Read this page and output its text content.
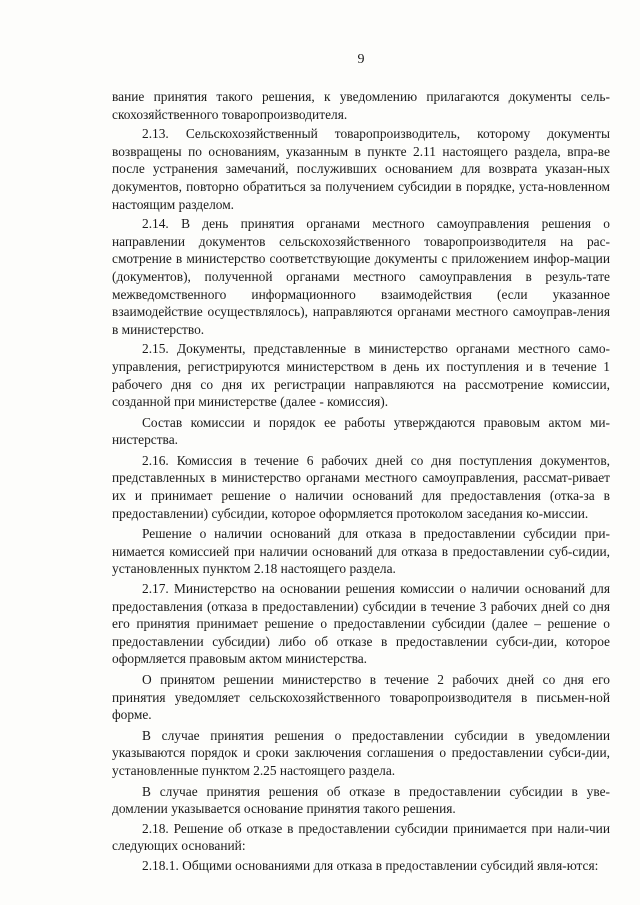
9

вание принятия такого решения, к уведомлению прилагаются документы сель-скохозяйственного товаропроизводителя.

2.13. Сельскохозяйственный товаропроизводитель, которому документы возвращены по основаниям, указанным в пункте 2.11 настоящего раздела, впра-ве после устранения замечаний, послуживших основанием для возврата указан-ных документов, повторно обратиться за получением субсидии в порядке, уста-новленном настоящим разделом.

2.14. В день принятия органами местного самоуправления решения о направлении документов сельскохозяйственного товаропроизводителя на рас-смотрение в министерство соответствующие документы с приложением инфор-мации (документов), полученной органами местного самоуправления в резуль-тате межведомственного информационного взаимодействия (если указанное взаимодействие осуществлялось), направляются органами местного самоуправ-ления в министерство.

2.15. Документы, представленные в министерство органами местного само-управления, регистрируются министерством в день их поступления и в течение 1 рабочего дня со дня их регистрации направляются на рассмотрение комиссии, созданной при министерстве (далее - комиссия).

Состав комиссии и порядок ее работы утверждаются правовым актом ми-нистерства.

2.16. Комиссия в течение 6 рабочих дней со дня поступления документов, представленных в министерство органами местного самоуправления, рассмат-ривает их и принимает решение о наличии оснований для предоставления (отка-за в предоставлении) субсидии, которое оформляется протоколом заседания ко-миссии.

Решение о наличии оснований для отказа в предоставлении субсидии при-нимается комиссией при наличии оснований для отказа в предоставлении суб-сидии, установленных пунктом 2.18 настоящего раздела.

2.17. Министерство на основании решения комиссии о наличии оснований для предоставления (отказа в предоставлении) субсидии в течение 3 рабочих дней со дня его принятия принимает решение о предоставлении субсидии (далее – решение о предоставлении субсидии) либо об отказе в предоставлении субси-дии, которое оформляется правовым актом министерства.

О принятом решении министерство в течение 2 рабочих дней со дня его принятия уведомляет сельскохозяйственного товаропроизводителя в письмен-ной форме.

В случае принятия решения о предоставлении субсидии в уведомлении указываются порядок и сроки заключения соглашения о предоставлении субси-дии, установленные пунктом 2.25 настоящего раздела.

В случае принятия решения об отказе в предоставлении субсидии в уве-домлении указывается основание принятия такого решения.

2.18. Решение об отказе в предоставлении субсидии принимается при нали-чии следующих оснований:

2.18.1. Общими основаниями для отказа в предоставлении субсидий явля-ются:
